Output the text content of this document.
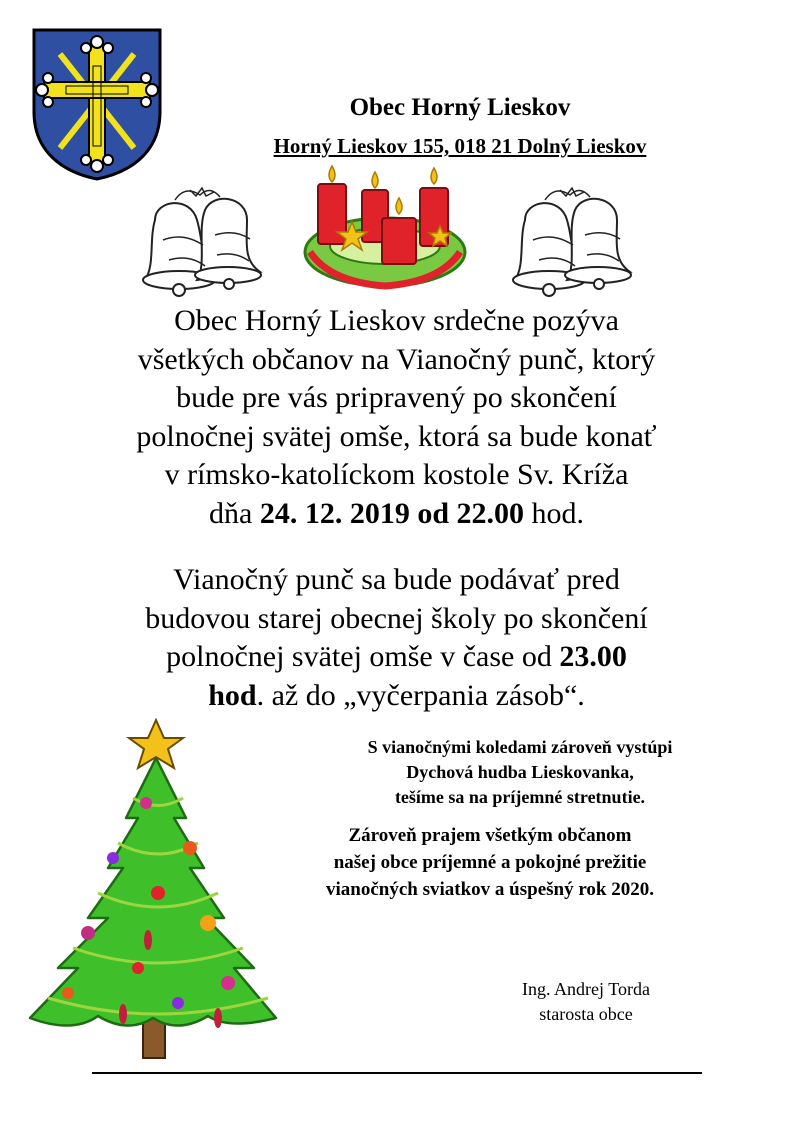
Obec Horný Lieskov
Horný Lieskov 155, 018 21 Dolný Lieskov
Obec Horný Lieskov srdečne pozýva
všetkých občanov na Vianočný punč, ktorý
bude pre vás pripravený po skončení
polnočnej svätej omše, ktorá sa bude konať
v rímsko-katolíckom kostole Sv. Kríža
dňa 24. 12. 2019 od 22.00 hod.
Vianočný punč sa bude podávať pred
budovou starej obecnej školy po skončení
polnočnej svätej omše v čase od 23.00
hod. až do „vyčerpania zásob“.
S vianočnými koledami zároveň vystúpi
Dychová hudba Lieskovanka,
tešíme sa na príjemné stretnutie.
Zároveň prajem všetkým občanom
našej obce príjemné a pokojné prežitie
vianočných sviatkov a úspešný rok 2020.
Ing. Andrej Torda
starosta obce
